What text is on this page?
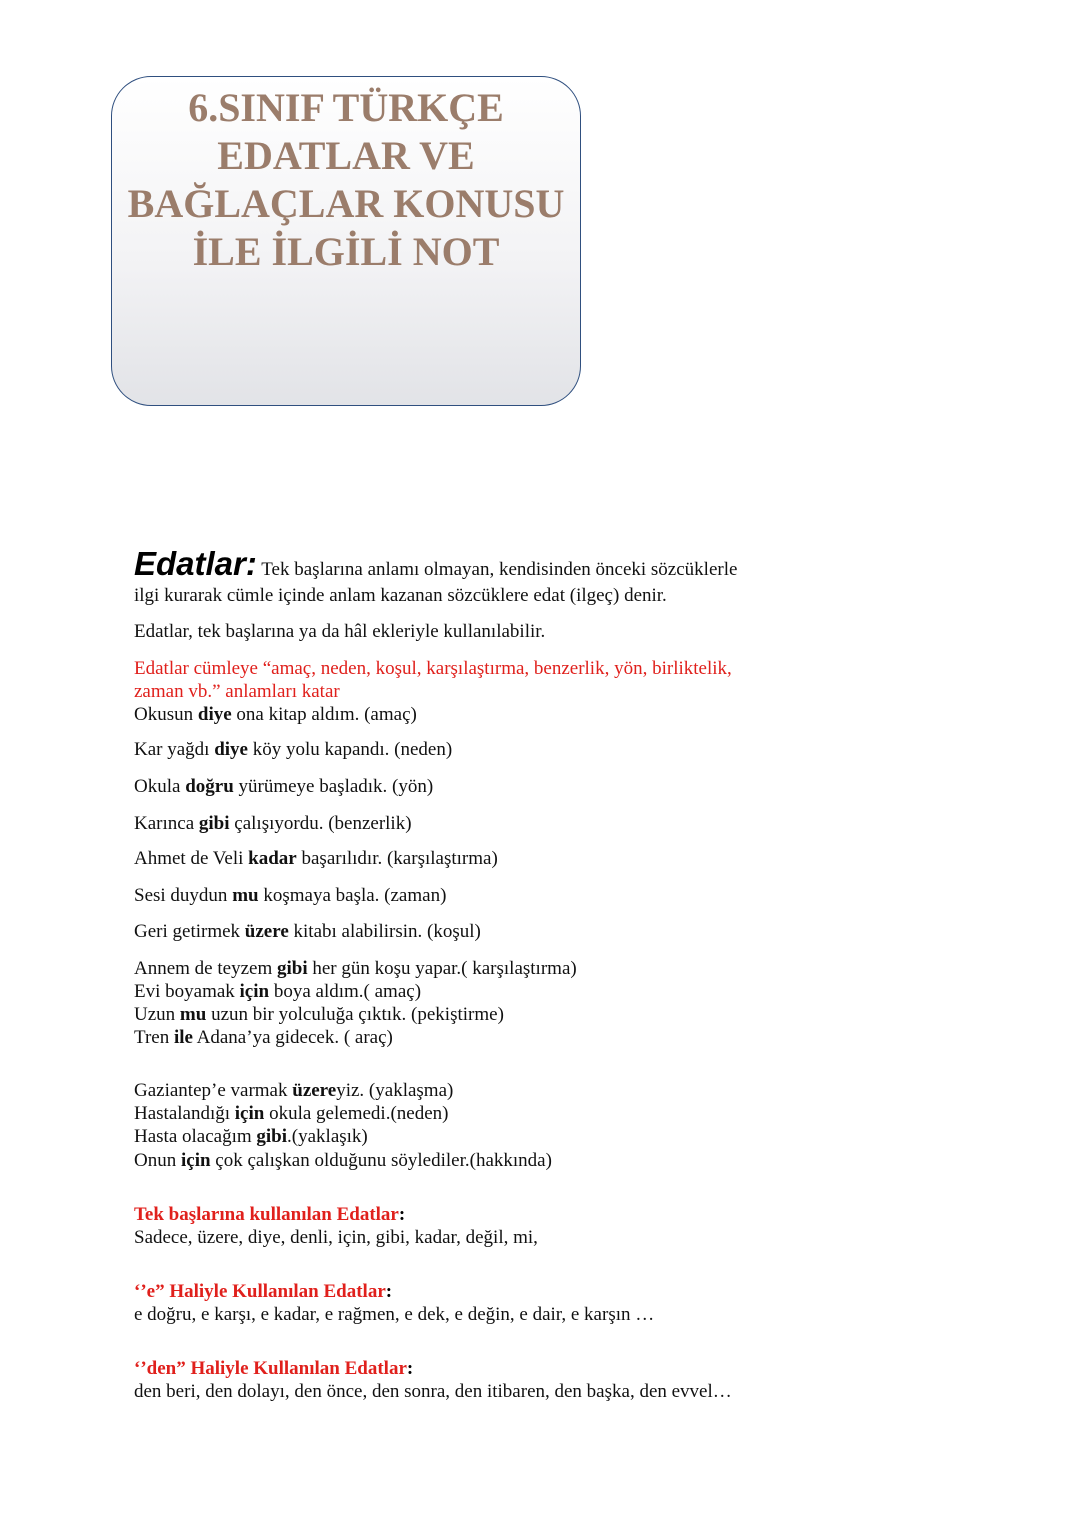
6.SINIF TÜRKÇE
EDATLAR VE
BAĞLAÇLAR KONUSU
İLE İLGİLİ NOT
Edatlar: Tek başlarına anlamı olmayan, kendisinden önceki sözcüklerle
ilgi kurarak cümle içinde anlam kazanan sözcüklere edat (ilgeç) denir.
Edatlar, tek başlarına ya da hâl ekleriyle kullanılabilir.
Edatlar cümleye “amaç, neden, koşul, karşılaştırma, benzerlik, yön, birliktelik,
zaman vb.” anlamları katar
Okusun diye ona kitap aldım. (amaç)
Kar yağdı diye köy yolu kapandı. (neden)
Okula doğru yürümeye başladık. (yön)
Karınca gibi çalışıyordu. (benzerlik)
Ahmet de Veli kadar başarılıdır. (karşılaştırma)
Sesi duydun mu koşmaya başla. (zaman)
Geri getirmek üzere kitabı alabilirsin. (koşul)
Annem de teyzem gibi her gün koşu yapar.( karşılaştırma)
Evi boyamak için boya aldım.( amaç)
Uzun mu uzun bir yolculuğa çıktık. (pekiştirme)
Tren ile Adana’ya gidecek. ( araç)
Gaziantep’e varmak üzereyiz. (yaklaşma)
Hastalandığı için okula gelemedi.(neden)
Hasta olacağım gibi.(yaklaşık)
Onun için çok çalışkan olduğunu söylediler.(hakkında)
Tek başlarına kullanılan Edatlar:
Sadece, üzere, diye, denli, için, gibi, kadar, değil, mi,
‘’e” Haliyle Kullanılan Edatlar:
e doğru, e karşı, e kadar, e rağmen, e dek, e değin, e dair, e karşın …
‘’den” Haliyle Kullanılan Edatlar:
den beri, den dolayı, den önce, den sonra, den itibaren, den başka, den evvel…
